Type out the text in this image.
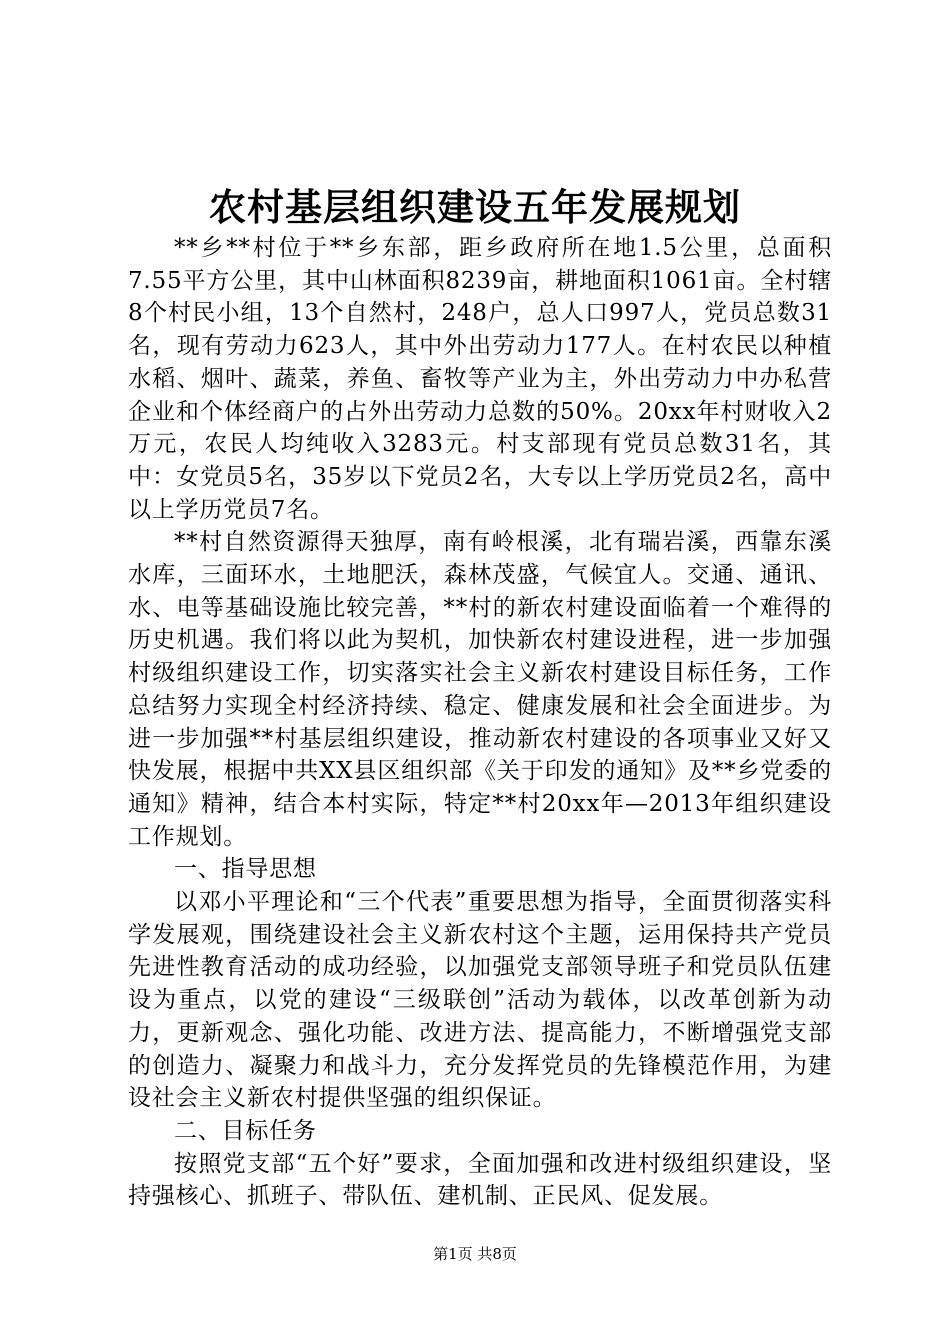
农村基层组织建设五年发展规划

**乡**村位于**乡东部，距乡政府所在地1.5公里，总面积7.55平方公里，其中山林面积8239亩，耕地面积1061亩。全村辖8个村民小组，13个自然村，248户，总人口997人，党员总数31名，现有劳动力623人，其中外出劳动力177人。在村农民以种植水稻、烟叶、蔬菜，养鱼、畜牧等产业为主，外出劳动力中办私营企业和个体经商户的占外出劳动力总数的50%。20xx年村财收入2万元，农民人均纯收入3283元。村支部现有党员总数31名，其中：女党员5名，35岁以下党员2名，大专以上学历党员2名，高中以上学历党员7名。

**村自然资源得天独厚，南有岭根溪，北有瑞岩溪，西靠东溪水库，三面环水，土地肥沃，森林茂盛，气候宜人。交通、通讯、水、电等基础设施比较完善，**村的新农村建设面临着一个难得的历史机遇。我们将以此为契机，加快新农村建设进程，进一步加强村级组织建设工作，切实落实社会主义新农村建设目标任务，工作总结努力实现全村经济持续、稳定、健康发展和社会全面进步。为进一步加强**村基层组织建设，推动新农村建设的各项事业又好又快发展，根据中共XX县区组织部《关于印发的通知》及**乡党委的通知》精神，结合本村实际，特定**村20xx年—2013年组织建设工作规划。

一、指导思想

以邓小平理论和“三个代表”重要思想为指导，全面贯彻落实科学发展观，围绕建设社会主义新农村这个主题，运用保持共产党员先进性教育活动的成功经验，以加强党支部领导班子和党员队伍建设为重点，以党的建设“三级联创”活动为载体，以改革创新为动力，更新观念、强化功能、改进方法、提高能力，不断增强党支部的创造力、凝聚力和战斗力，充分发挥党员的先锋模范作用，为建设社会主义新农村提供坚强的组织保证。

二、目标任务

按照党支部“五个好”要求，全面加强和改进村级组织建设，坚持强核心、抓班子、带队伍、建机制、正民风、促发展。

第1页 共8页
